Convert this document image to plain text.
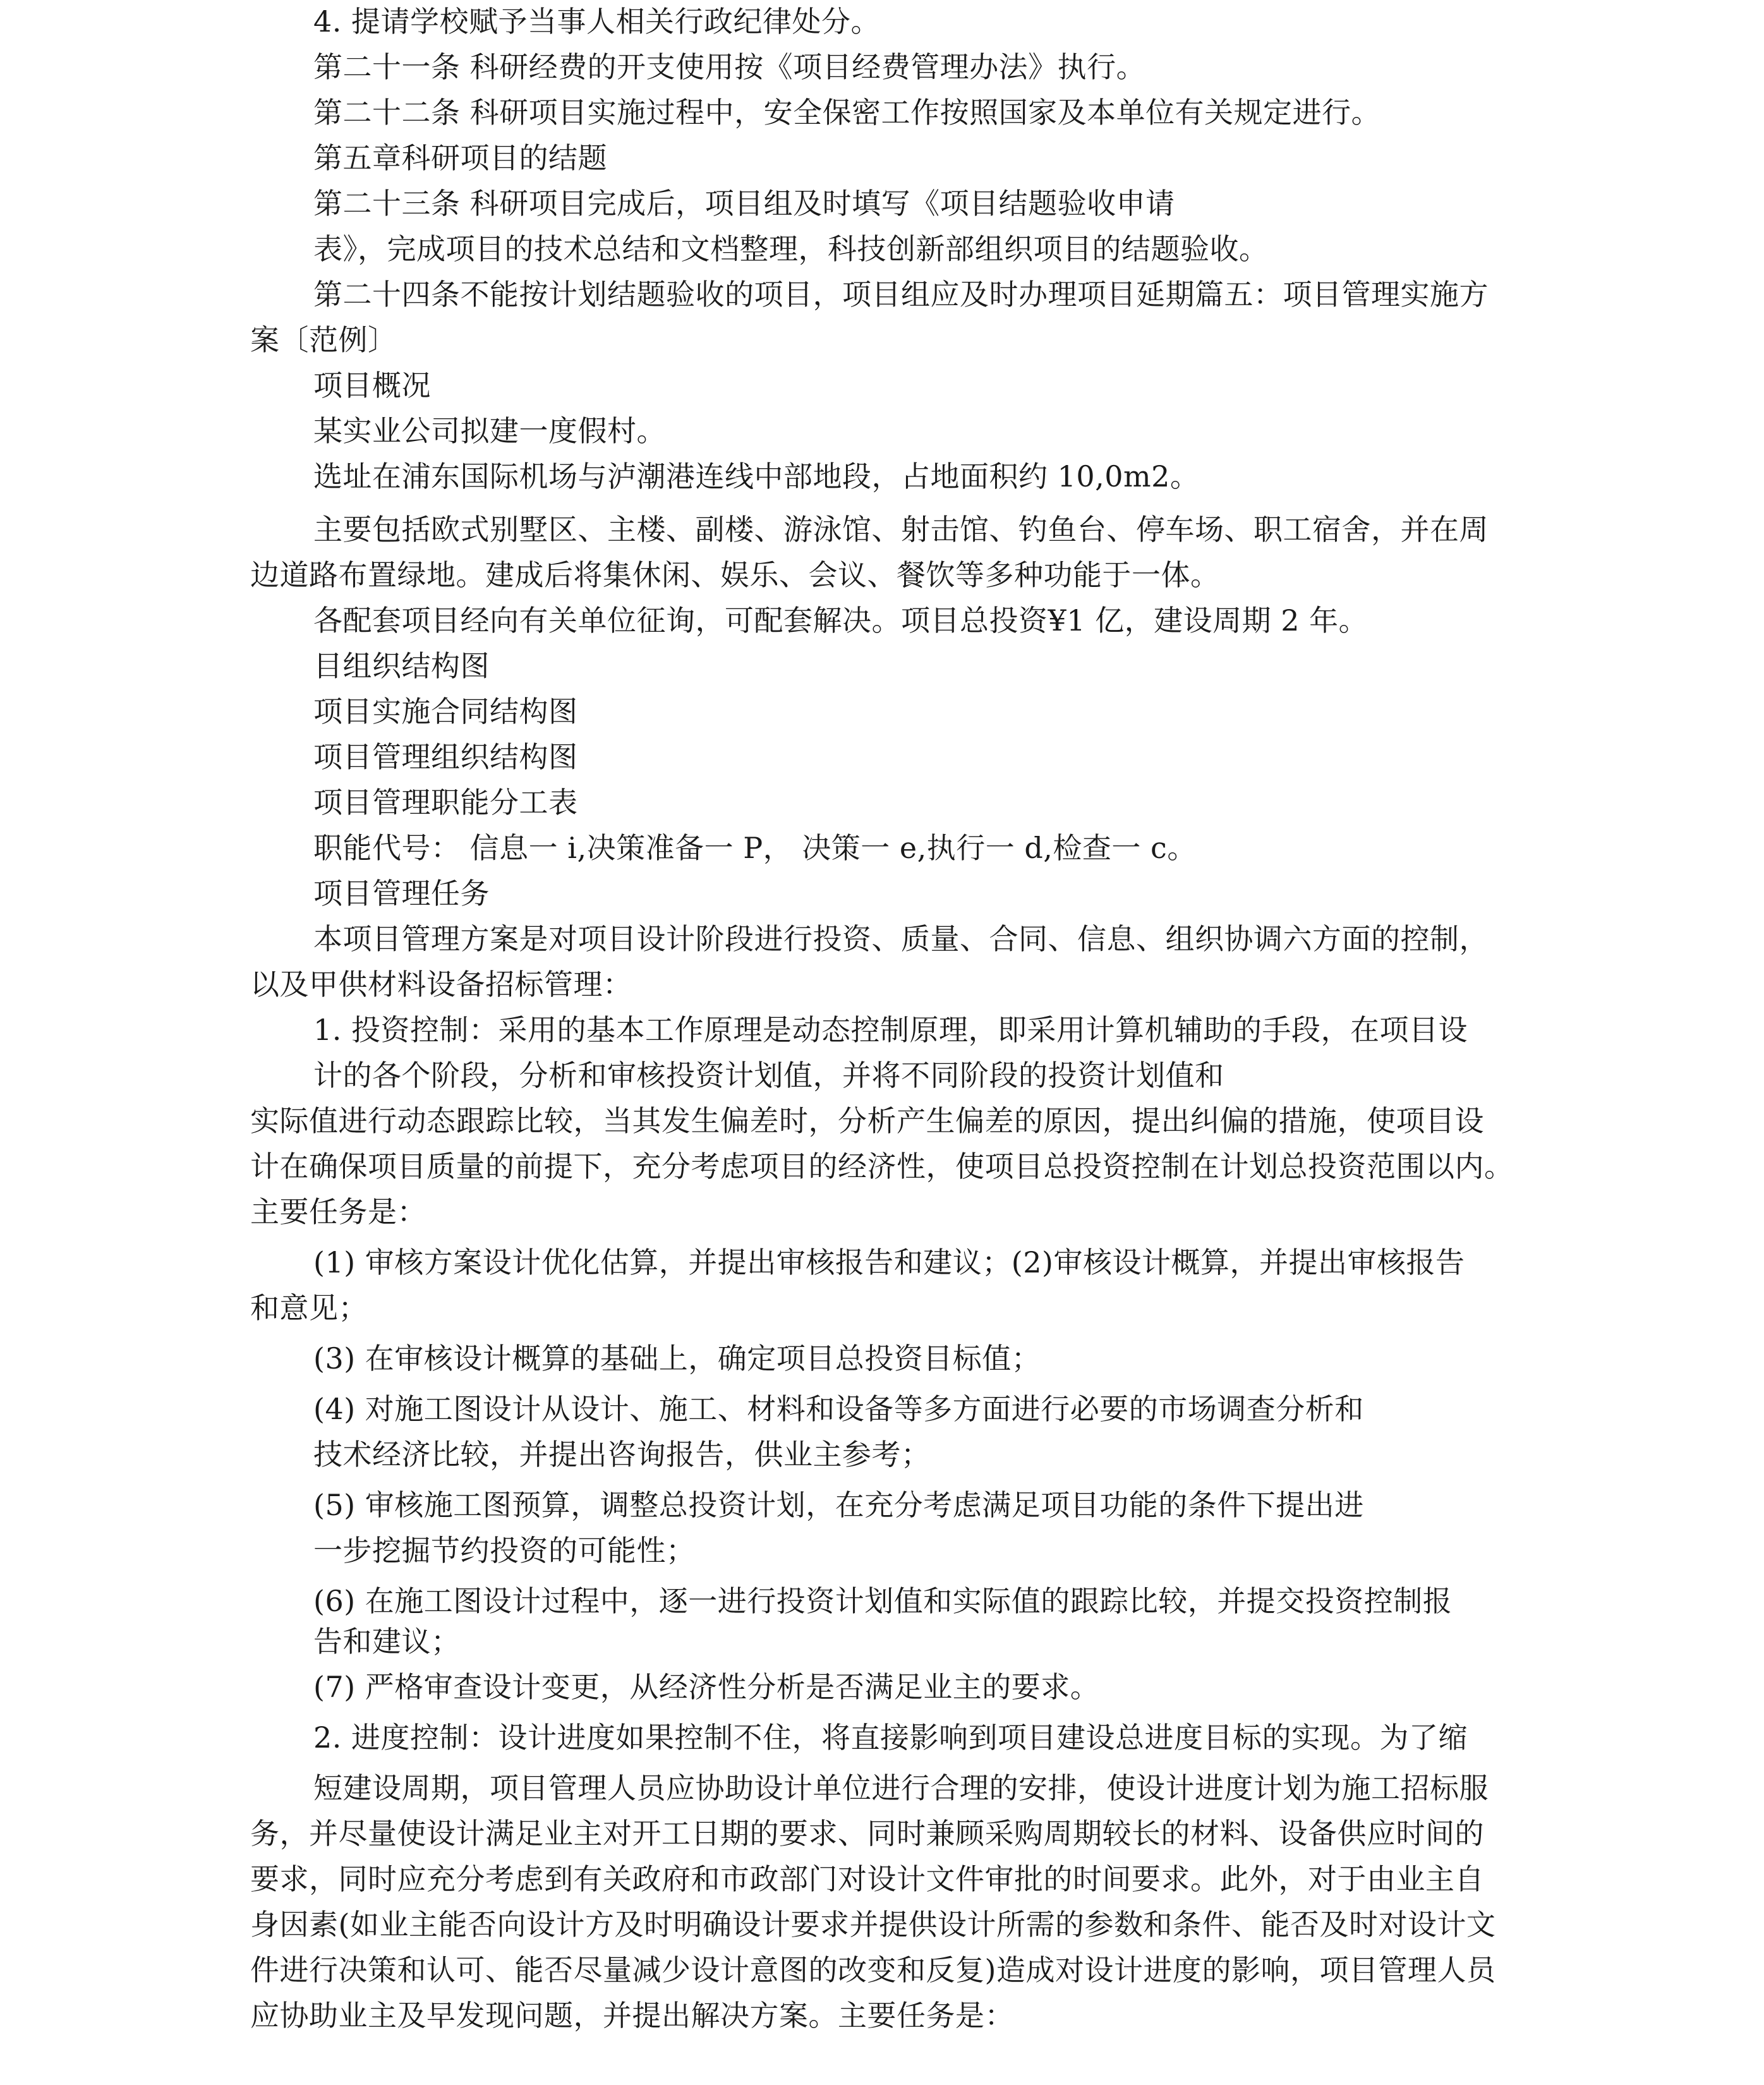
4. 提请学校赋予当事人相关行政纪律处分。
第二十一条 科研经费的开支使用按《项目经费管理办法》执行。
第二十二条 科研项目实施过程中，安全保密工作按照国家及本单位有关规定进行。
第五章科研项目的结题
第二十三条 科研项目完成后，项目组及时填写《项目结题验收申请
表》，完成项目的技术总结和文档整理，科技创新部组织项目的结题验收。
第二十四条不能按计划结题验收的项目，项目组应及时办理项目延期篇五：项目管理实施方
案〔范例〕
项目概况
某实业公司拟建一度假村。
选址在浦东国际机场与泸潮港连线中部地段，占地面积约 10,0m2。
主要包括欧式别墅区、主楼、副楼、游泳馆、射击馆、钓鱼台、停车场、职工宿舍，并在周
边道路布置绿地。建成后将集休闲、娱乐、会议、餐饮等多种功能于一体。
各配套项目经向有关单位征询，可配套解决。项目总投资¥1 亿，建设周期 2 年。
目组织结构图
项目实施合同结构图
项目管理组织结构图
项目管理职能分工表
职能代号： 信息一 i,决策准备一 P， 决策一 e,执行一 d,检查一 c。
项目管理任务
本项目管理方案是对项目设计阶段进行投资、质量、合同、信息、组织协调六方面的控制，
以及甲供材料设备招标管理：
1. 投资控制：采用的基本工作原理是动态控制原理，即采用计算机辅助的手段，在项目设
计的各个阶段，分析和审核投资计划值，并将不同阶段的投资计划值和
实际值进行动态跟踪比较，当其发生偏差时，分析产生偏差的原因，提出纠偏的措施，使项目设
计在确保项目质量的前提下，充分考虑项目的经济性，使项目总投资控制在计划总投资范围以内。
主要任务是：
(1) 审核方案设计优化估算，并提出审核报告和建议；(2)审核设计概算，并提出审核报告
和意见；
(3) 在审核设计概算的基础上，确定项目总投资目标值；
(4) 对施工图设计从设计、施工、材料和设备等多方面进行必要的市场调查分析和
技术经济比较，并提出咨询报告，供业主参考；
(5) 审核施工图预算，调整总投资计划，在充分考虑满足项目功能的条件下提出进
一步挖掘节约投资的可能性；
(6) 在施工图设计过程中，逐一进行投资计划值和实际值的跟踪比较，并提交投资控制报
告和建议；
(7) 严格审查设计变更，从经济性分析是否满足业主的要求。
2. 进度控制：设计进度如果控制不住，将直接影响到项目建设总进度目标的实现。为了缩
短建设周期，项目管理人员应协助设计单位进行合理的安排，使设计进度计划为施工招标服
务，并尽量使设计满足业主对开工日期的要求、同时兼顾采购周期较长的材料、设备供应时间的
要求，同时应充分考虑到有关政府和市政部门对设计文件审批的时间要求。此外，对于由业主自
身因素(如业主能否向设计方及时明确设计要求并提供设计所需的参数和条件、能否及时对设计文
件进行决策和认可、能否尽量减少设计意图的改变和反复)造成对设计进度的影响，项目管理人员
应协助业主及早发现问题，并提出解决方案。主要任务是：
